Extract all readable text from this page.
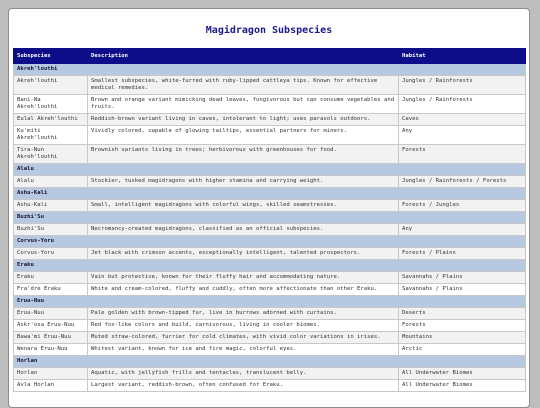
Magidragon Subspecies
Subspecies	Description	Habitat
Akreh'louthi		
Akreh'louthi	Smallest subspecies, white-furred with ruby-lipped cattleya tips. Known for effective medical remedies.	Jungles / Rainforests
Bani-Na Akreh'louthi	Brown and orange variant mimicking dead leaves, fungivorous but can consume vegetables and fruits.	Jungles / Rainforests
Eulal Akreh'louthi	Reddish-brown variant living in caves, intolerant to light; uses parasols outdoors.	Caves
Ku'miti Akreh'louthi	Vividly colored, capable of glowing tailtips, essential partners for miners.	Any
Tira-Nun Akreh'louthi	Brownish variants living in trees; herbivorous with greenhouses for food.	Forests
Alalu		
Alalu	Stockier, tusked magidragons with higher stamina and carrying weight.	Jungles / Rainforests / Forests
Ashu-Kali		
Ashu-Kali	Small, intelligent magidragons with colorful wings, skilled seamstresses.	Forests / Jungles
Buzhi'Su		
Buzhi'Su	Necromancy-created magidragons, classified as an official subspecies.	Any
Corvus-Yoru		
Corvus-Yoru	Jet black with crimson accents, exceptionally intelligent, talented prospectors.	Forests / Plains
Eraku		
Eraku	Vain but protective, known for their fluffy hair and accommodating nature.	Savannahs / Plains
Fra'dre Eraku	White and cream-colored, fluffy and cuddly, often more affectionate than other Eraku.	Savannahs / Plains
Eruu-Nuu		
Eruu-Nuu	Pale golden with brown-tipped fur, live in burrows adorned with curtains.	Deserts
Askr'osa Eruu-Nuu	Red fox-like colors and build, carnivorous, living in cooler biomes.	Forests
Bawa'mi Eruu-Nuu	Muted straw-colored, furrier for cold climates, with vivid color variations in irises.	Mountains
Wenara Eruu-Nuu	Whitest variant, known for ice and fire magic, colorful eyes.	Arctic
Horlan		
Horlan	Aquatic, with jellyfish frills and tentacles, translucent belly.	All Underwater Biomes
Avla Horlan	Largest variant, reddish-brown, often confused for Eraku.	All Underwater Biomes
